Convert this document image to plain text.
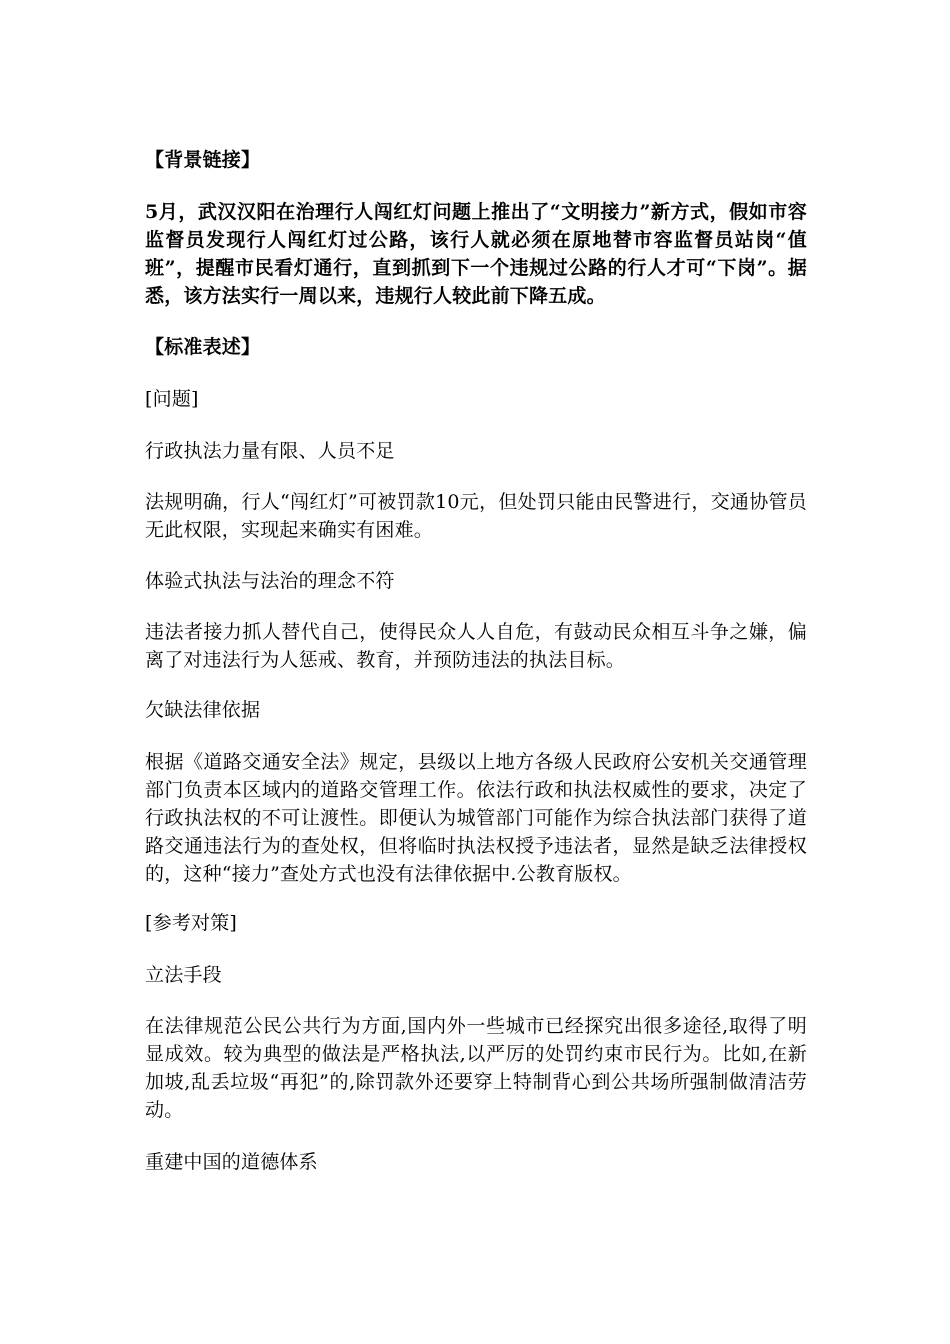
【背景链接】
5月，武汉汉阳在治理行人闯红灯问题上推出了“文明接力”新方式，假如市容监督员发现行人闯红灯过公路，该行人就必须在原地替市容监督员站岗“值班”，提醒市民看灯通行，直到抓到下一个违规过公路的行人才可“下岗”。据悉，该方法实行一周以来，违规行人较此前下降五成。
【标准表述】
[问题]
行政执法力量有限、人员不足
法规明确，行人“闯红灯”可被罚款10元，但处罚只能由民警进行，交通协管员无此权限，实现起来确实有困难。
体验式执法与法治的理念不符
违法者接力抓人替代自己，使得民众人人自危，有鼓动民众相互斗争之嫌，偏离了对违法行为人惩戒、教育，并预防违法的执法目标。
欠缺法律依据
根据《道路交通安全法》规定，县级以上地方各级人民政府公安机关交通管理部门负责本区域内的道路交管理工作。依法行政和执法权威性的要求，决定了行政执法权的不可让渡性。即便认为城管部门可能作为综合执法部门获得了道路交通违法行为的查处权，但将临时执法权授予违法者，显然是缺乏法律授权的，这种“接力”查处方式也没有法律依据中.公教育版权。
[参考对策]
立法手段
在法律规范公民公共行为方面,国内外一些城市已经探究出很多途径,取得了明显成效。较为典型的做法是严格执法,以严厉的处罚约束市民行为。比如,在新加坡,乱丢垃圾“再犯”的,除罚款外还要穿上特制背心到公共场所强制做清洁劳动。
重建中国的道德体系
